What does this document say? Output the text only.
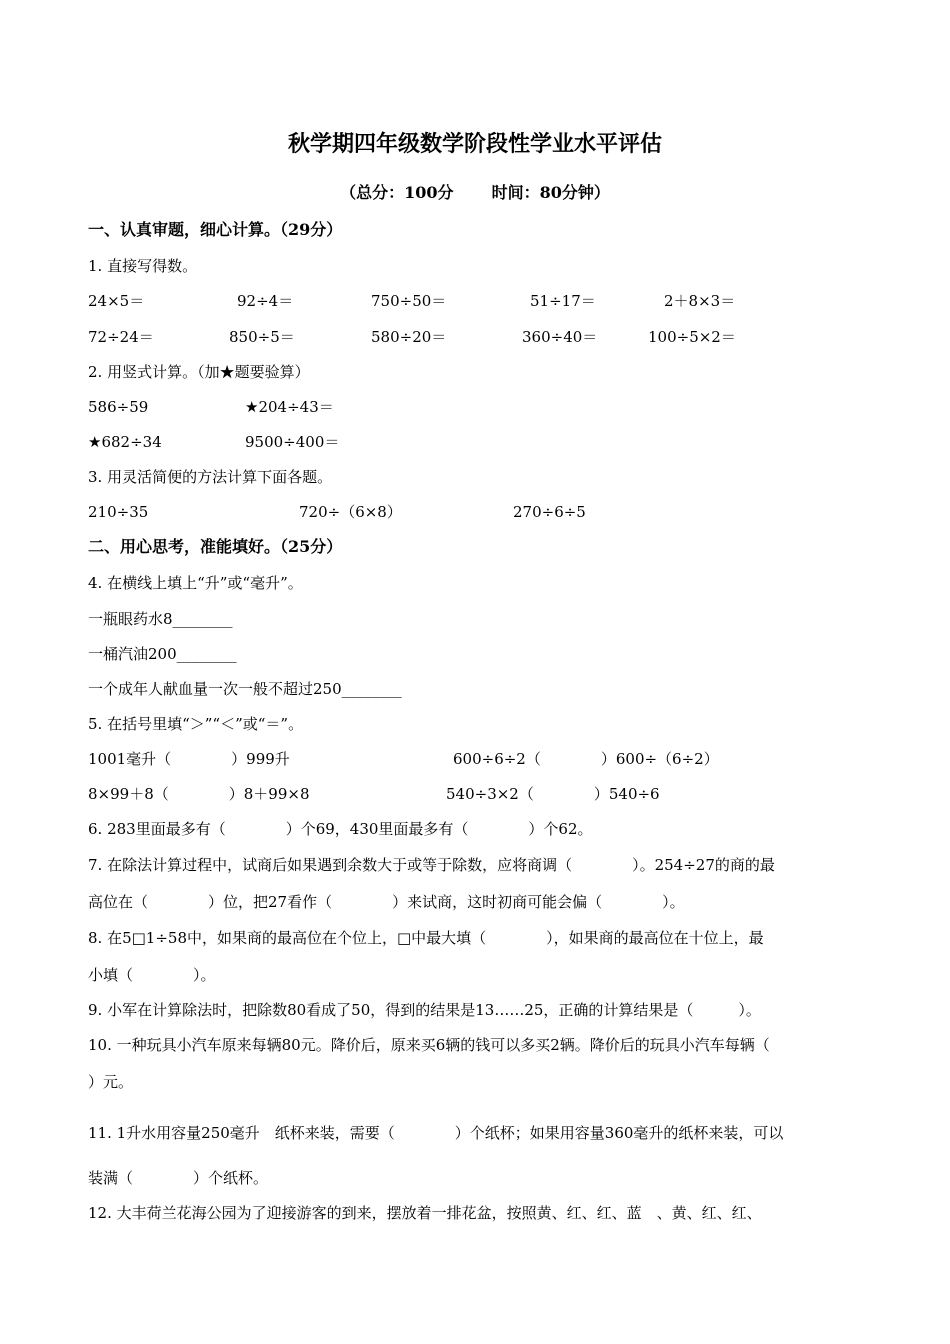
秋学期四年级数学阶段性学业水平评估
（总分：100分 时间：80分钟）
一、认真审题，细心计算。（29分）
1. 直接写得数。
24×5＝	92÷4＝	750÷50＝	51÷17＝	2＋8×3＝
72÷24＝	850÷5＝	580÷20＝	360÷40＝	100÷5×2＝
2. 用竖式计算。（加★题要验算）
586÷59	★204÷43＝
★682÷34	9500÷400＝
3. 用灵活简便的方法计算下面各题。
210÷35	720÷（6×8）	270÷6÷5
二、用心思考，准能填好。（25分）
4. 在横线上填上“升”或“毫升”。
一瓶眼药水8________
一桶汽油200________
一个成年人献血量一次一般不超过250________
5. 在括号里填“＞”“＜”或“＝”。
1001毫升（　　　　）999升	600÷6÷2（　　　　）600÷（6÷2）
8×99＋8（　　　　）8＋99×8	540÷3×2（　　　　）540÷6
6. 283里面最多有（　　　　）个69，430里面最多有（　　　　）个62。
7. 在除法计算过程中，试商后如果遇到余数大于或等于除数，应将商调（　　　　）。254÷27的商的最
高位在（　　　　）位，把27看作（　　　　）来试商，这时初商可能会偏（　　　　）。
8. 在5□1÷58中，如果商的最高位在个位上，□中最大填（　　　　），如果商的最高位在十位上，最
小填（　　　　）。
9. 小军在计算除法时，把除数80看成了50，得到的结果是13……25，正确的计算结果是（　　　）。
10. 一种玩具小汽车原来每辆80元。降价后，原来买6辆的钱可以多买2辆。降价后的玩具小汽车每辆（
）元。
11. 1升水用容量250毫升　纸杯来装，需要（　　　　）个纸杯；如果用容量360毫升的纸杯来装，可以
装满（　　　　）个纸杯。
12. 大丰荷兰花海公园为了迎接游客的到来，摆放着一排花盆，按照黄、红、红、蓝　、黄、红、红、
